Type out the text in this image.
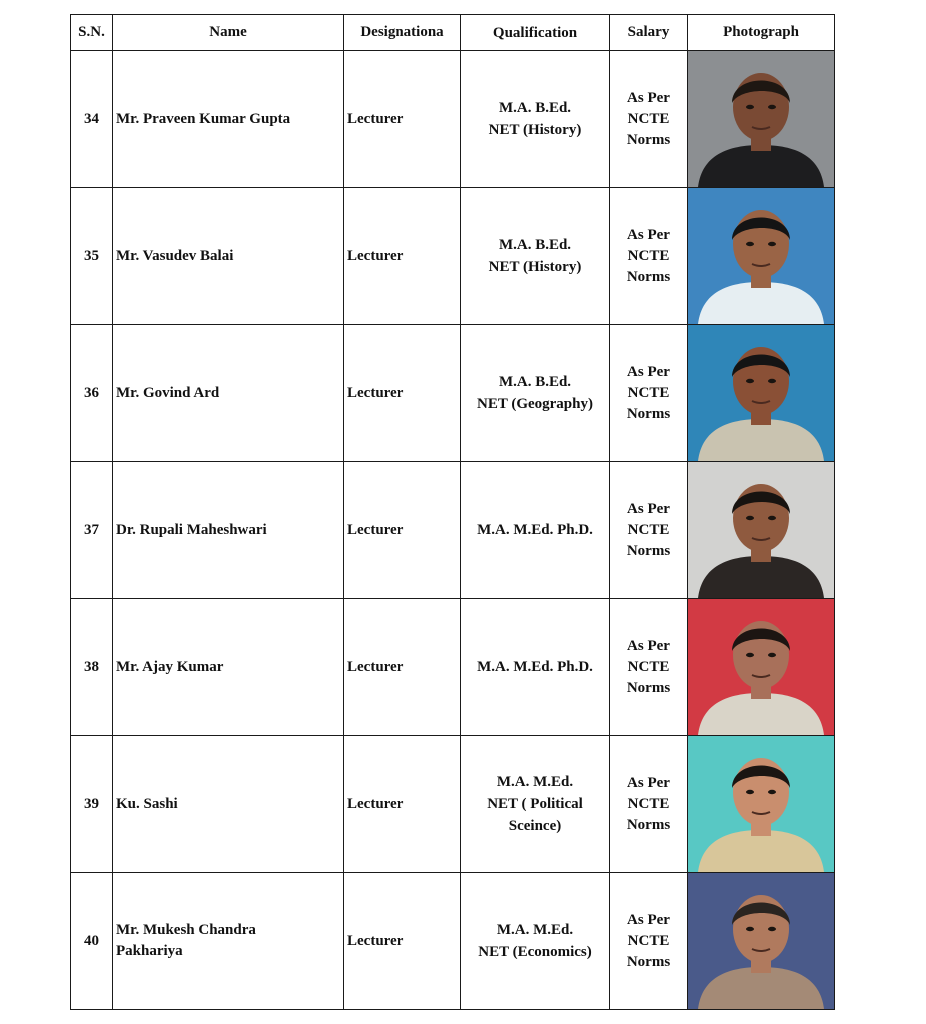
S.N.	Name	Designationa	Qualification	Salary	Photograph
34	Mr. Praveen Kumar Gupta	Lecturer	M.A. B.Ed.
NET (History)	As Per
NCTE
Norms	

35	Mr. Vasudev Balai	Lecturer	M.A. B.Ed.
NET (History)	As Per
NCTE
Norms	

36	Mr. Govind Ard	Lecturer	M.A. B.Ed.
NET (Geography)	As Per
NCTE
Norms	

37	Dr. Rupali Maheshwari	Lecturer	M.A. M.Ed. Ph.D.	As Per
NCTE
Norms	

38	Mr. Ajay Kumar	Lecturer	M.A. M.Ed. Ph.D.	As Per
NCTE
Norms	

39	Ku. Sashi	Lecturer	M.A. M.Ed.
NET ( Political
Sceince)	As Per
NCTE
Norms	

40	Mr. Mukesh Chandra
Pakhariya	Lecturer	M.A. M.Ed.
NET (Economics)	As Per
NCTE
Norms	
